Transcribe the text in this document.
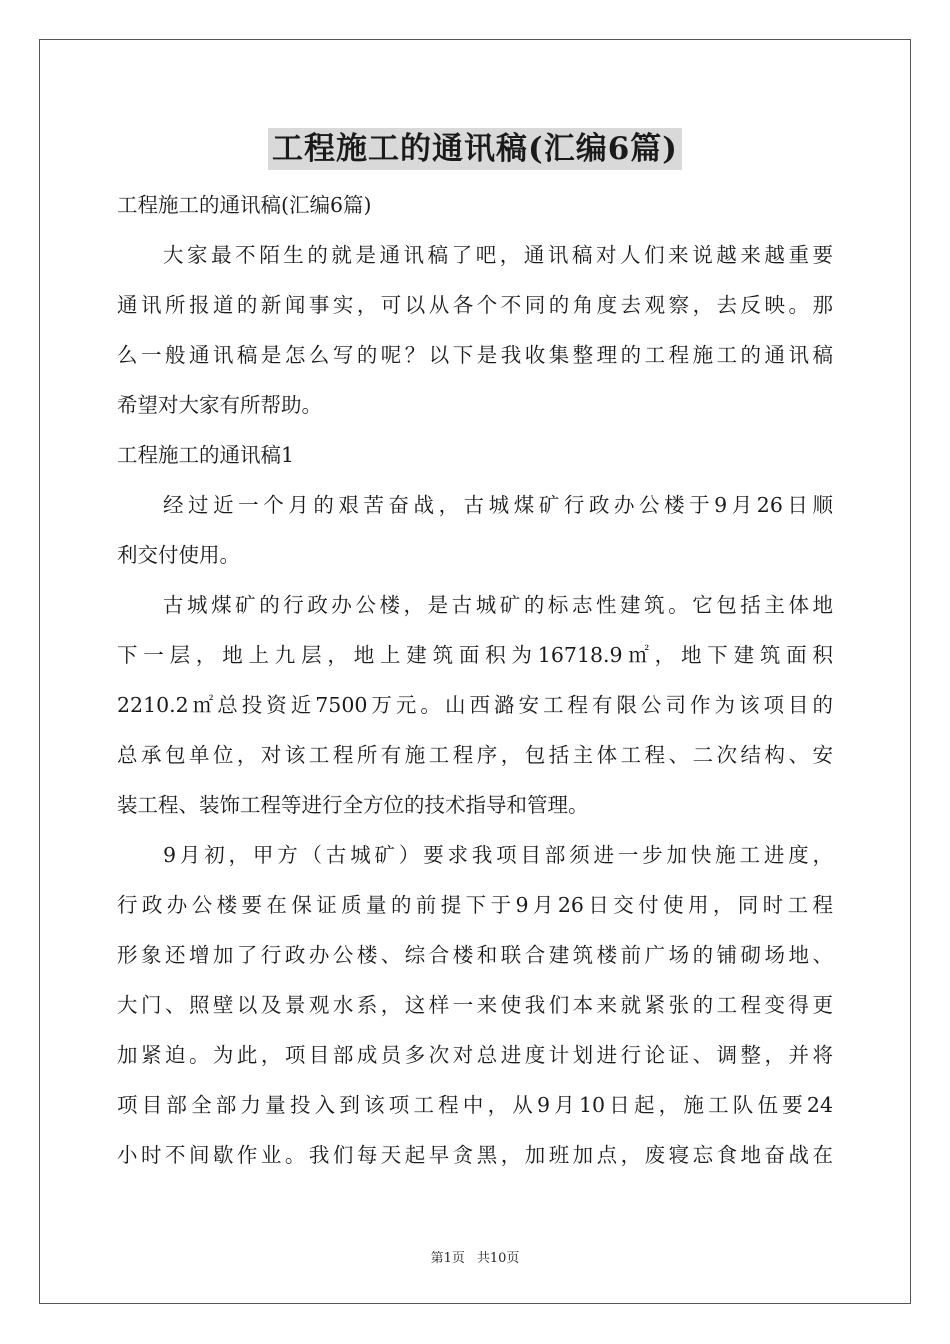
工程施工的通讯稿(汇编6篇)
工程施工的通讯稿(汇编6篇)
大家最不陌生的就是通讯稿了吧，通讯稿对人们来说越来越重要
通讯所报道的新闻事实，可以从各个不同的角度去观察，去反映。那
么一般通讯稿是怎么写的呢？以下是我收集整理的工程施工的通讯稿
希望对大家有所帮助。
工程施工的通讯稿1
经过近一个月的艰苦奋战，古城煤矿行政办公楼于9月26日顺
利交付使用。
古城煤矿的行政办公楼，是古城矿的标志性建筑。它包括主体地
下一层，地上九层，地上建筑面积为16718.9㎡，地下建筑面积
2210.2㎡总投资近7500万元。山西潞安工程有限公司作为该项目的
总承包单位，对该工程所有施工程序，包括主体工程、二次结构、安
装工程、装饰工程等进行全方位的技术指导和管理。
9月初，甲方（古城矿）要求我项目部须进一步加快施工进度，
行政办公楼要在保证质量的前提下于9月26日交付使用，同时工程
形象还增加了行政办公楼、综合楼和联合建筑楼前广场的铺砌场地、
大门、照壁以及景观水系，这样一来使我们本来就紧张的工程变得更
加紧迫。为此，项目部成员多次对总进度计划进行论证、调整，并将
项目部全部力量投入到该项工程中，从9月10日起，施工队伍要24
小时不间歇作业。我们每天起早贪黑，加班加点，废寝忘食地奋战在
第1页 共10页
